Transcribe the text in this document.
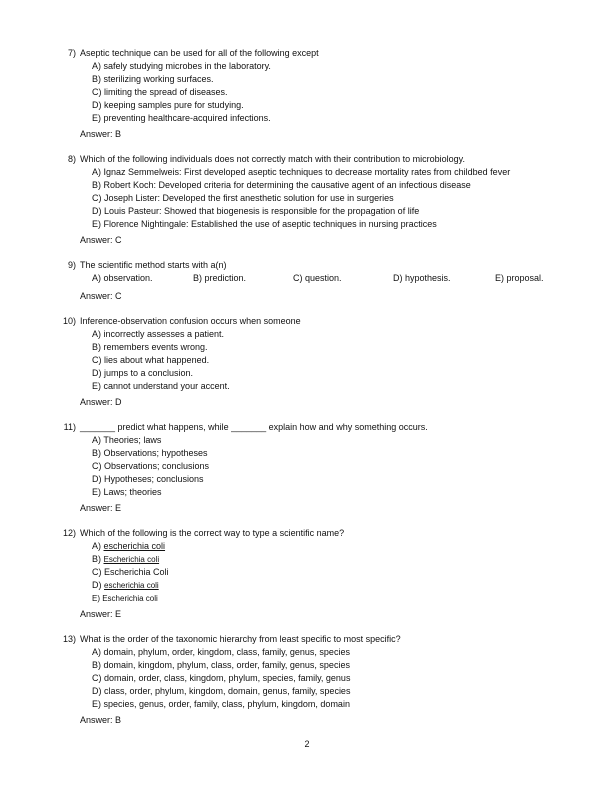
7) Aseptic technique can be used for all of the following except
A) safely studying microbes in the laboratory.
B) sterilizing working surfaces.
C) limiting the spread of diseases.
D) keeping samples pure for studying.
E) preventing healthcare-acquired infections.
Answer: B
8) Which of the following individuals does not correctly match with their contribution to microbiology.
A) Ignaz Semmelweis: First developed aseptic techniques to decrease mortality rates from childbed fever
B) Robert Koch: Developed criteria for determining the causative agent of an infectious disease
C) Joseph Lister: Developed the first anesthetic solution for use in surgeries
D) Louis Pasteur: Showed that biogenesis is responsible for the propagation of life
E) Florence Nightingale: Established the use of aseptic techniques in nursing practices
Answer: C
9) The scientific method starts with a(n)
A) observation.	B) prediction.	C) question.	D) hypothesis.	E) proposal.
Answer: C
10) Inference-observation confusion occurs when someone
A) incorrectly assesses a patient.
B) remembers events wrong.
C) lies about what happened.
D) jumps to a conclusion.
E) cannot understand your accent.
Answer: D
11) _______ predict what happens, while _______ explain how and why something occurs.
A) Theories; laws
B) Observations; hypotheses
C) Observations; conclusions
D) Hypotheses; conclusions
E) Laws; theories
Answer: E
12) Which of the following is the correct way to type a scientific name?
A) escherichia coli
B) Escherichia coli
C) Escherichia Coli
D) escherichia coli
E) Escherichia coli
Answer: E
13) What is the order of the taxonomic hierarchy from least specific to most specific?
A) domain, phylum, order, kingdom, class, family, genus, species
B) domain, kingdom, phylum, class, order, family, genus, species
C) domain, order, class, kingdom, phylum, species, family, genus
D) class, order, phylum, kingdom, domain, genus, family, species
E) species, genus, order, family, class, phylum, kingdom, domain
Answer: B
2
